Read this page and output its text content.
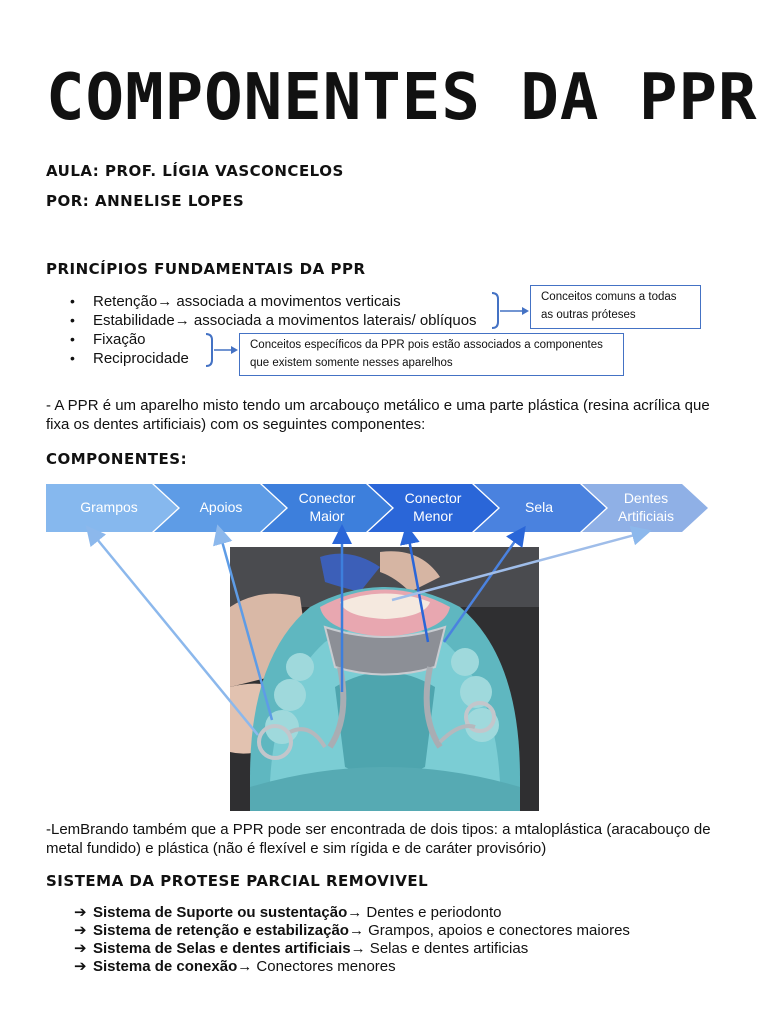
COMPONENTES DA PPR
AULA: PROF. LÍGIA VASCONCELOS
POR: ANNELISE LOPES
PRINCÍPIOS FUNDAMENTAIS DA PPR
• Retenção→ associada a movimentos verticais
• Estabilidade→ associada a movimentos laterais/ oblíquos
• Fixação
• Reciprocidade
Conceitos comuns a todas as outras próteses
Conceitos específicos da PPR pois estão associados a componentes que existem somente nesses aparelhos
- A PPR é um aparelho misto tendo um arcabouço metálico e uma parte plástica (resina acrílica que fixa os dentes artificiais) com os seguintes componentes:
COMPONENTES:
Grampos	Apoios
Conector
Maior
Conector
Menor
Sela
Dentes
Artificiais
-LemBrando também que a PPR pode ser encontrada de dois tipos: a mtaloplástica (aracabouço de metal fundido) e plástica (não é flexível e sim rígida e de caráter provisório)
SISTEMA DA PROTESE PARCIAL REMOVIVEL
➔ Sistema de Suporte ou sustentação→ Dentes e periodonto
➔ Sistema de retenção e estabilização→ Grampos, apoios e conectores maiores
➔ Sistema de Selas e dentes artificiais→ Selas e dentes artificias
➔ Sistema de conexão→ Conectores menores
